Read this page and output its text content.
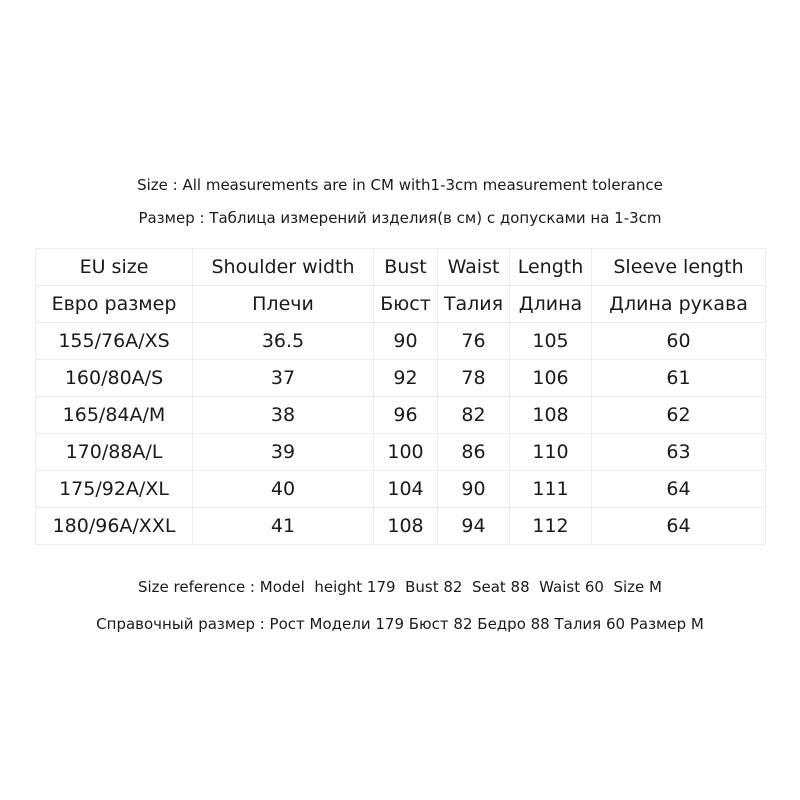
Size : All measurements are in CM with1-3cm measurement tolerance
Размер : Таблица измерений изделия(в см) с допусками на 1-3cm
EU size	Shoulder width	Bust	Waist	Length	Sleeve length
Евро размер	Плечи	Бюст	Талия	Длина	Длина рукава
155/76A/XS	36.5	90	76	105	60
160/80A/S	37	92	78	106	61
165/84A/M	38	96	82	108	62
170/88A/L	39	100	86	110	63
175/92A/XL	40	104	90	111	64
180/96A/XXL	41	108	94	112	64
Size reference : Model  height 179  Bust 82  Seat 88  Waist 60  Size M
Справочный размер : Рост Модели 179 Бюст 82 Бедро 88 Талия 60 Размер M
